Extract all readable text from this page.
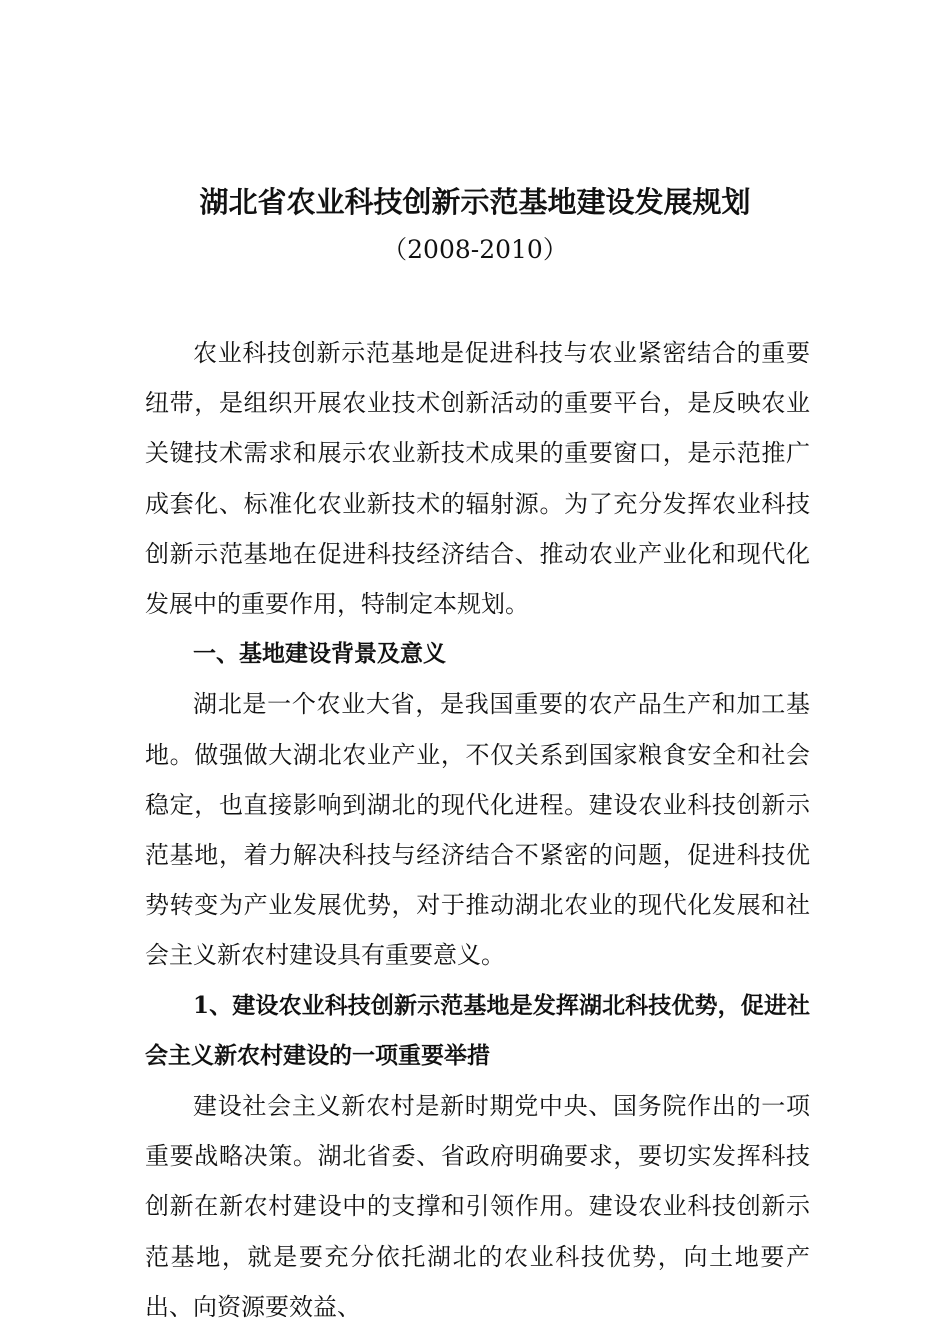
湖北省农业科技创新示范基地建设发展规划
（2008-2010）

农业科技创新示范基地是促进科技与农业紧密结合的重要纽带，是组织开展农业技术创新活动的重要平台，是反映农业关键技术需求和展示农业新技术成果的重要窗口，是示范推广成套化、标准化农业新技术的辐射源。为了充分发挥农业科技创新示范基地在促进科技经济结合、推动农业产业化和现代化发展中的重要作用，特制定本规划。

一、基地建设背景及意义

湖北是一个农业大省，是我国重要的农产品生产和加工基地。做强做大湖北农业产业，不仅关系到国家粮食安全和社会稳定，也直接影响到湖北的现代化进程。建设农业科技创新示范基地，着力解决科技与经济结合不紧密的问题，促进科技优势转变为产业发展优势，对于推动湖北农业的现代化发展和社会主义新农村建设具有重要意义。

1、建设农业科技创新示范基地是发挥湖北科技优势，促进社会主义新农村建设的一项重要举措

建设社会主义新农村是新时期党中央、国务院作出的一项重要战略决策。湖北省委、省政府明确要求，要切实发挥科技创新在新农村建设中的支撑和引领作用。建设农业科技创新示范基地，就是要充分依托湖北的农业科技优势，向土地要产出、向资源要效益、
